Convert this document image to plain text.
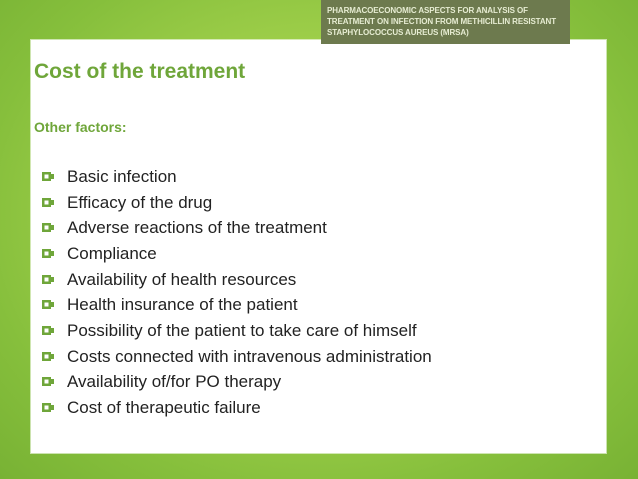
PHARMACOECONOMIC ASPECTS FOR ANALYSIS OF TREATMENT ON INFECTION FROM METHICILLIN RESISTANT STAPHYLOCOCCUS AUREUS (MRSA)
Cost of the treatment
Other factors:
Basic infection
Efficacy of the drug
Adverse reactions of the treatment
Compliance
Availability of health resources
Health insurance of the patient
Possibility of the patient to take care of himself
Costs connected with intravenous administration
Availability of/for PO therapy
Cost of therapeutic failure
